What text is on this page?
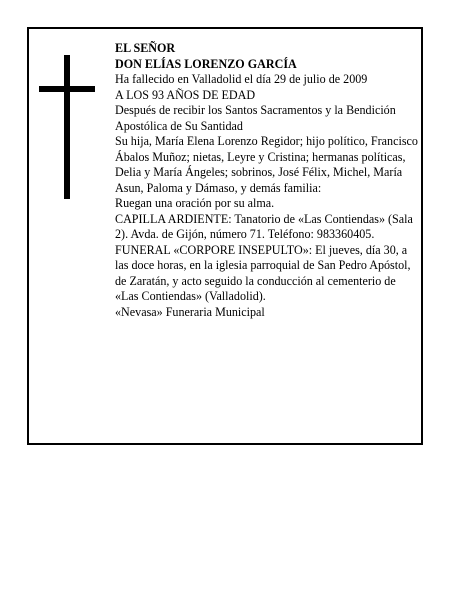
EL SEÑOR

DON ELÍAS LORENZO GARCÍA

Ha fallecido en Valladolid el día 29 de julio de 2009

A LOS 93 AÑOS DE EDAD

Después de recibir los Santos Sacramentos y la Bendición Apostólica de Su Santidad

Su hija, María Elena Lorenzo Regidor; hijo político, Francisco Ábalos Muñoz; nietas, Leyre y Cristina; hermanas políticas, Delia y María Ángeles; sobrinos, José Félix, Michel, María Asun, Paloma y Dámaso, y demás familia:

Ruegan una oración por su alma.

CAPILLA ARDIENTE: Tanatorio de «Las Contiendas» (Sala 2). Avda. de Gijón, número 71. Teléfono: 983360405.

FUNERAL «CORPORE INSEPULTO»: El jueves, día 30, a las doce horas, en la iglesia parroquial de San Pedro Apóstol, de Zaratán, y acto seguido la conducción al cementerio de «Las Contiendas» (Valladolid).

«Nevasa» Funeraria Municipal
